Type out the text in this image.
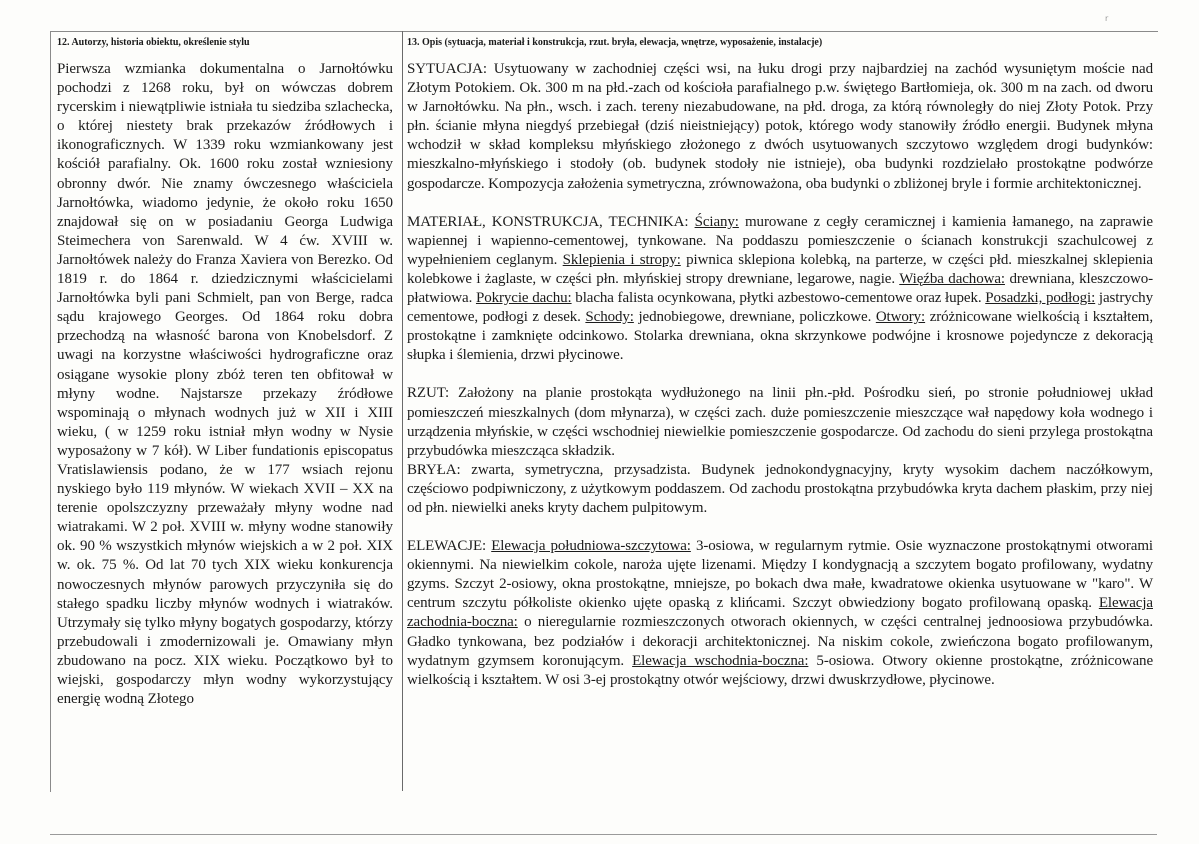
r
12. Autorzy, historia obiektu, określenie stylu

Pierwsza wzmianka dokumentalna o Jarnołtówku pochodzi z 1268 roku, był on wówczas dobrem rycerskim i niewątpliwie istniała tu siedziba szlachecka, o której niestety brak przekazów źródłowych i ikonograficznych. W 1339 roku wzmiankowany jest kościół parafialny. Ok. 1600 roku został wzniesiony obronny dwór. Nie znamy ówczesnego właściciela Jarnołtówka, wiadomo jedynie, że około roku 1650 znajdował się on w posiadaniu Georga Ludwiga Steimechera von Sarenwald. W 4 ćw. XVIII w. Jarnołtówek należy do Franza Xaviera von Berezko. Od 1819 r. do 1864 r. dziedzicznymi właścicielami Jarnołtówka byli pani Schmielt, pan von Berge, radca sądu krajowego Georges. Od 1864 roku dobra przechodzą na własność barona von Knobelsdorf. Z uwagi na korzystne właściwości hydrograficzne oraz osiągane wysokie plony zbóż teren ten obfitował w młyny wodne. Najstarsze przekazy źródłowe wspominają o młynach wodnych już w XII i XIII wieku, ( w 1259 roku istniał młyn wodny w Nysie wyposażony w 7 kół). W Liber fundationis episcopatus Vratislawiensis podano, że w 177 wsiach rejonu nyskiego było 119 młynów. W wiekach XVII – XX na terenie opolszczyzny przeważały młyny wodne nad wiatrakami. W 2 poł. XVIII w. młyny wodne stanowiły ok. 90 % wszystkich młynów wiejskich a w 2 poł. XIX w. ok. 75 %. Od lat 70 tych XIX wieku konkurencja nowoczesnych młynów parowych przyczyniła się do stałego spadku liczby młynów wodnych i wiatraków. Utrzymały się tylko młyny bogatych gospodarzy, którzy przebudowali i zmodernizowali je. Omawiany młyn zbudowano na pocz. XIX wieku. Początkowo był to wiejski, gospodarczy młyn wodny wykorzystujący energię wodną Złotego

13. Opis (sytuacja, materiał i konstrukcja, rzut. bryła, elewacja, wnętrze, wyposażenie, instalacje)

SYTUACJA: Usytuowany w zachodniej części wsi, na łuku drogi przy najbardziej na zachód wysuniętym moście nad Złotym Potokiem. Ok. 300 m na płd.-zach od kościoła parafialnego p.w. świętego Bartłomieja, ok. 300 m na zach. od dworu w Jarnołtówku. Na płn., wsch. i zach. tereny niezabudowane, na płd. droga, za którą równoległy do niej Złoty Potok. Przy płn. ścianie młyna niegdyś przebiegał (dziś nieistniejący) potok, którego wody stanowiły źródło energii. Budynek młyna wchodził w skład kompleksu młyńskiego złożonego z dwóch usytuowanych szczytowo względem drogi budynków: mieszkalno-młyńskiego i stodoły (ob. budynek stodoły nie istnieje), oba budynki rozdzielało prostokątne podwórze gospodarcze. Kompozycja założenia symetryczna, zrównoważona, oba budynki o zbliżonej bryle i formie architektonicznej.

MATERIAŁ, KONSTRUKCJA, TECHNIKA: Ściany: murowane z cegły ceramicznej i kamienia łamanego, na zaprawie wapiennej i wapienno-cementowej, tynkowane. Na poddaszu pomieszczenie o ścianach konstrukcji szachulcowej z wypełnieniem ceglanym. Sklepienia i stropy: piwnica sklepiona kolebką, na parterze, w części płd. mieszkalnej sklepienia kolebkowe i żaglaste, w części płn. młyńskiej stropy drewniane, legarowe, nagie. Więźba dachowa: drewniana, kleszczowo-płatwiowa. Pokrycie dachu: blacha falista ocynkowana, płytki azbestowo-cementowe oraz łupek. Posadzki, podłogi: jastrychy cementowe, podłogi z desek. Schody: jednobiegowe, drewniane, policzkowe. Otwory: zróżnicowane wielkością i kształtem, prostokątne i zamknięte odcinkowo. Stolarka drewniana, okna skrzynkowe podwójne i krosnowe pojedyncze z dekoracją słupka i ślemienia, drzwi płycinowe.

RZUT: Założony na planie prostokąta wydłużonego na linii płn.-płd. Pośrodku sień, po stronie południowej układ pomieszczeń mieszkalnych (dom młynarza), w części zach. duże pomieszczenie mieszczące wał napędowy koła wodnego i urządzenia młyńskie, w części wschodniej niewielkie pomieszczenie gospodarcze. Od zachodu do sieni przylega prostokątna przybudówka mieszcząca składzik.

BRYŁA: zwarta, symetryczna, przysadzista. Budynek jednokondygnacyjny, kryty wysokim dachem naczółkowym, częściowo podpiwniczony, z użytkowym poddaszem. Od zachodu prostokątna przybudówka kryta dachem płaskim, przy niej od płn. niewielki aneks kryty dachem pulpitowym.

ELEWACJE: Elewacja południowa-szczytowa: 3-osiowa, w regularnym rytmie. Osie wyznaczone prostokątnymi otworami okiennymi. Na niewielkim cokole, naroża ujęte lizenami. Między I kondygnacją a szczytem bogato profilowany, wydatny gzyms. Szczyt 2-osiowy, okna prostokątne, mniejsze, po bokach dwa małe, kwadratowe okienka usytuowane w "karo". W centrum szczytu półkoliste okienko ujęte opaską z klińcami. Szczyt obwiedziony bogato profilowaną opaską. Elewacja zachodnia-boczna: o nieregularnie rozmieszczonych otworach okiennych, w części centralnej jednoosiowa przybudówka. Gładko tynkowana, bez podziałów i dekoracji architektonicznej. Na niskim cokole, zwieńczona bogato profilowanym, wydatnym gzymsem koronującym. Elewacja wschodnia-boczna: 5-osiowa. Otwory okienne prostokątne, zróżnicowane wielkością i kształtem. W osi 3-ej prostokątny otwór wejściowy, drzwi dwuskrzydłowe, płycinowe.
